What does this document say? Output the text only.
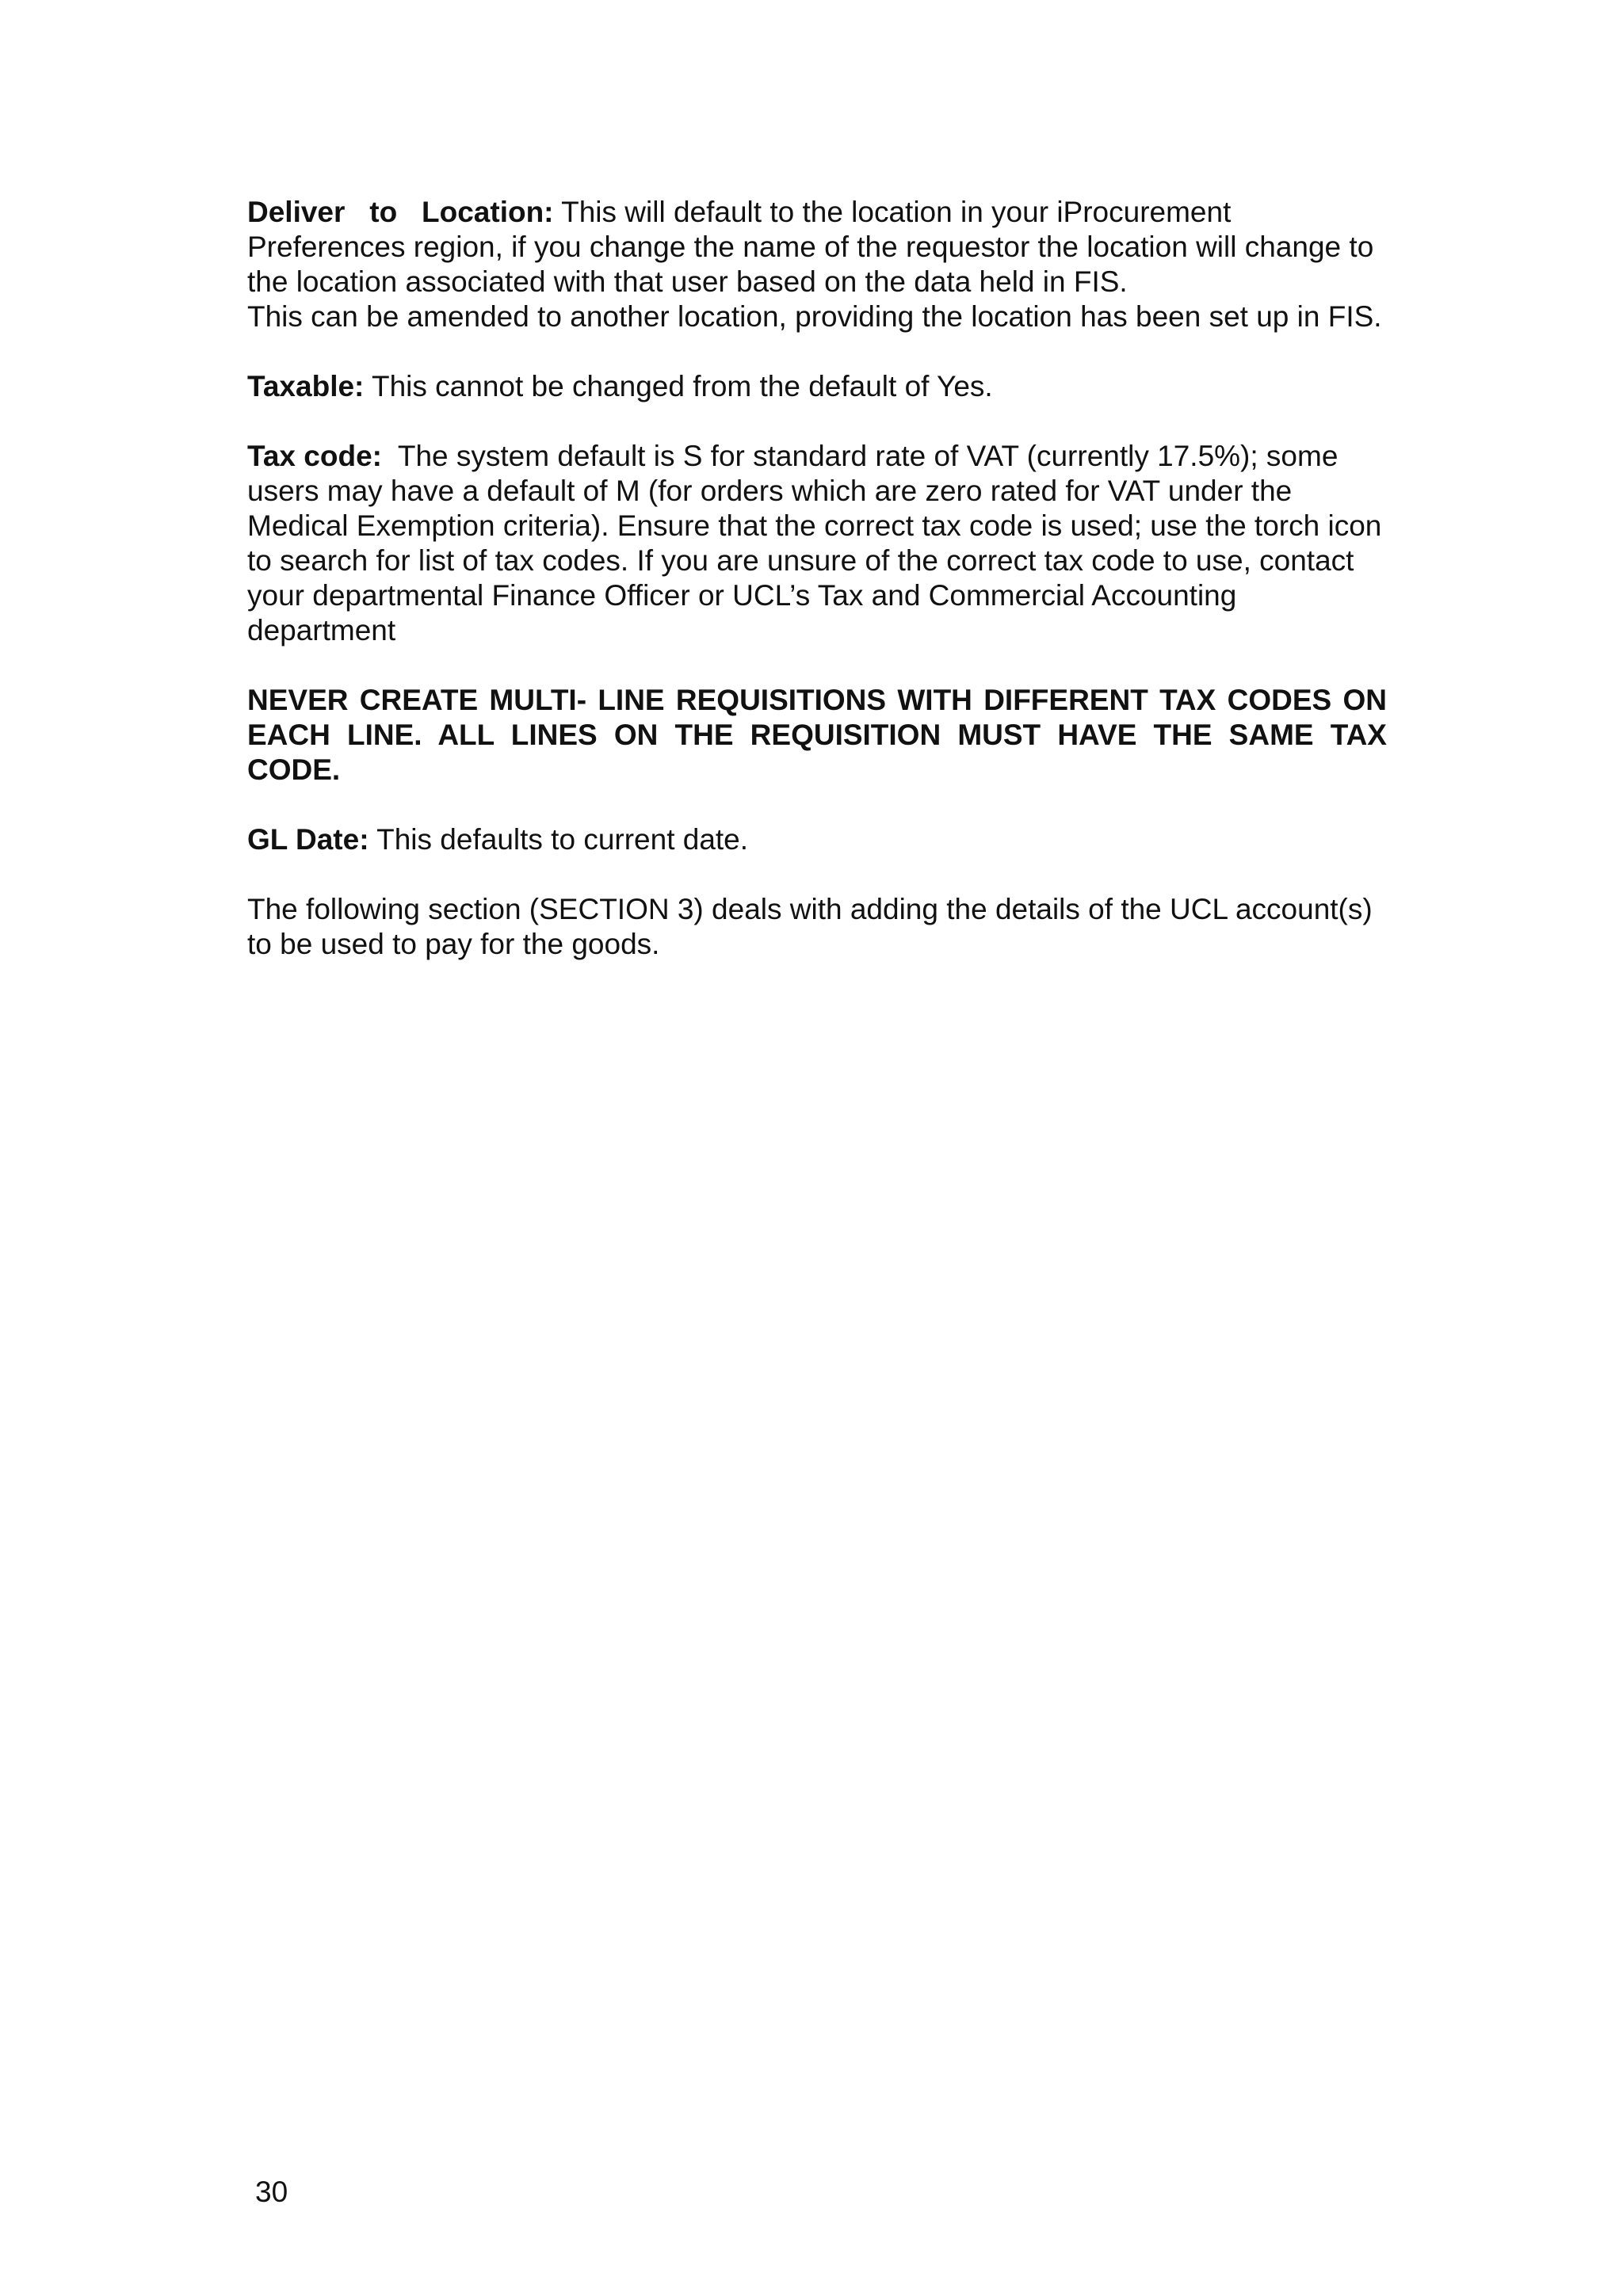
Deliver   to   Location: This will default to the location in your iProcurement Preferences region, if you change the name of the requestor the location will change to the location associated with that user based on the data held in FIS.
This can be amended to another location, providing the location has been set up in FIS.

Taxable: This cannot be changed from the default of Yes.

Tax code:  The system default is S for standard rate of VAT (currently 17.5%); some users may have a default of M (for orders which are zero rated for VAT under the Medical Exemption criteria). Ensure that the correct tax code is used; use the torch icon to search for list of tax codes. If you are unsure of the correct tax code to use, contact your departmental Finance Officer or UCL’s Tax and Commercial Accounting department

NEVER CREATE MULTI- LINE REQUISITIONS WITH DIFFERENT TAX CODES ON EACH LINE. ALL LINES ON THE REQUISITION MUST HAVE THE SAME TAX CODE.

GL Date: This defaults to current date.

The following section (SECTION 3) deals with adding the details of the UCL account(s) to be used to pay for the goods.

30
